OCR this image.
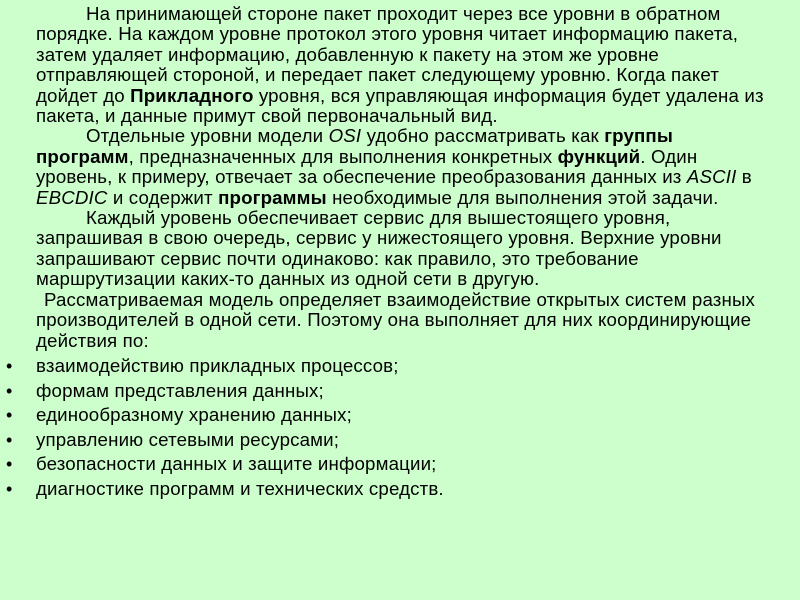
На принимающей стороне пакет проходит через все уровни в обратном порядке. На каждом уровне протокол этого уровня читает информацию пакета, затем удаляет информацию, добавленную к пакету на этом же уровне отправляющей стороной, и передает пакет следующему уровню. Когда пакет дойдет до Прикладного уровня, вся управляющая информация будет удалена из пакета, и данные примут свой первоначальный вид.

Отдельные уровни модели OSI удобно рассматривать как группы программ, предназначенных для выполнения конкретных функций. Один уровень, к примеру, отвечает за обеспечение преобразования данных из ASCII в EBCDIC и содержит программы необходимые для выполнения этой задачи.

Каждый уровень обеспечивает сервис для вышестоящего уровня, запрашивая в свою очередь, сервис у нижестоящего уровня. Верхние уровни запрашивают сервис почти одинаково: как правило, это требование маршрутизации каких-то данных из одной сети в другую.

Рассматриваемая модель определяет взаимодействие открытых систем разных производителей в одной сети. Поэтому она выполняет для них координирующие действия по:

• взаимодействию прикладных процессов;
• формам представления данных;
• единообразному хранению данных;
• управлению сетевыми ресурсами;
• безопасности данных и защите информации;
• диагностике программ и технических средств.
